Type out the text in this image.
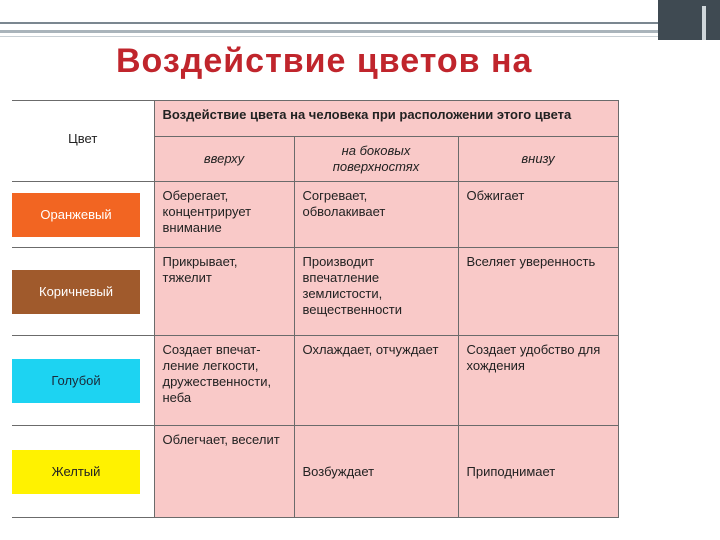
Воздействие цветов на
Цвет	Воздействие цвета на человека при расположении этого цвета		
	вверху	на боковых поверхностях	внизу

Оранжевый	Оберегает, концентрирует внимание	Согревает, обволакивает	Обжигает

Коричневый	Прикрывает, тяжелит	Производит впечатление землистости, вещественности	Вселяет уверенность

Голубой	Создает впечат-ление легкости, дружественности, неба	Охлаждает, отчуждает	Создает удобство для хождения

Желтый	Облегчает, веселит	Возбуждает	Приподнимает
